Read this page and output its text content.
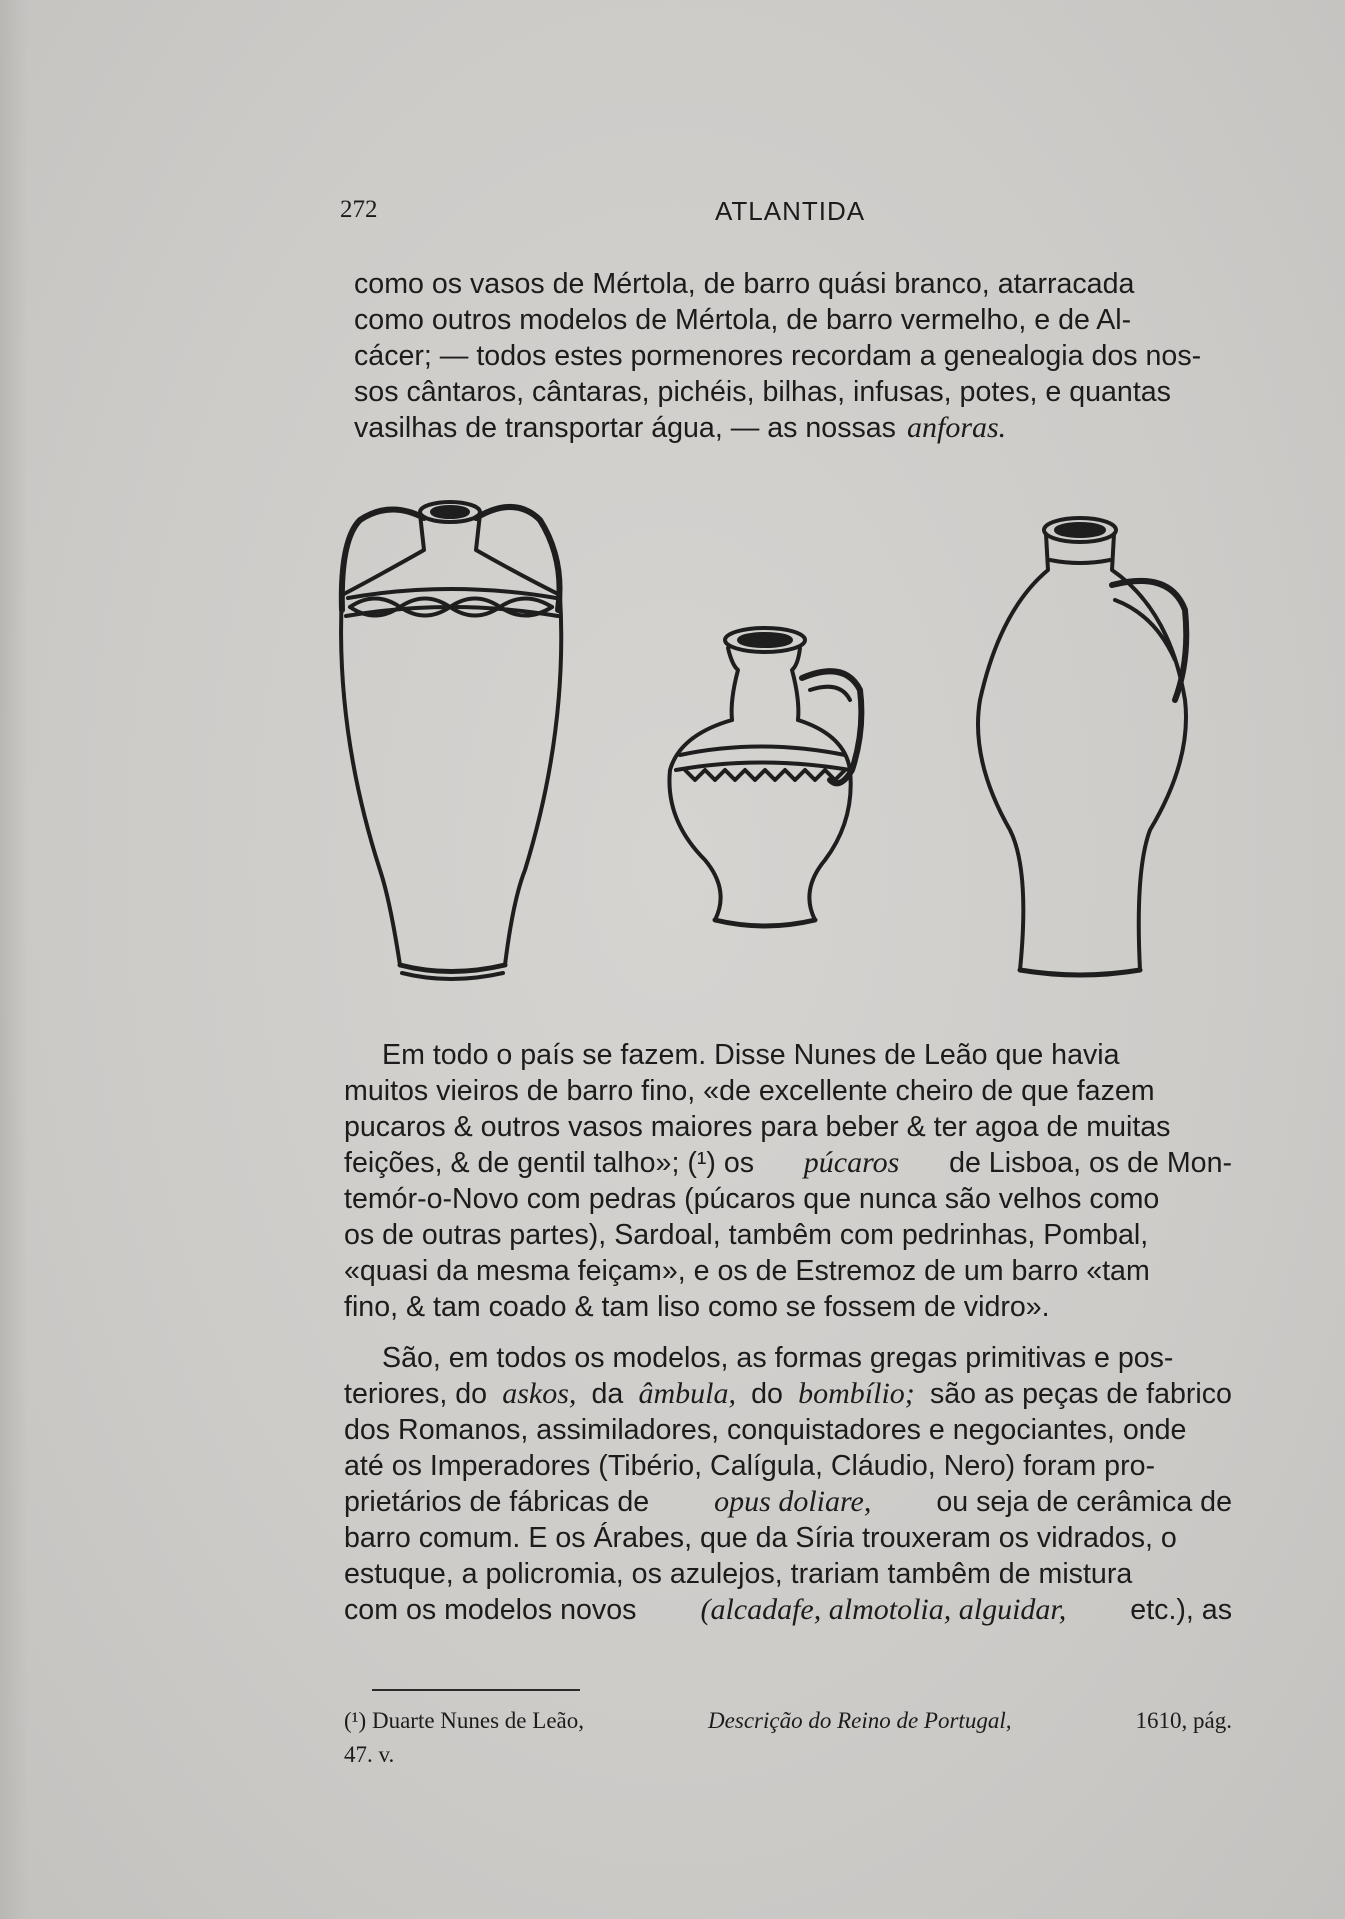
272	ATLANTIDA
como os vasos de Mértola, de barro quási branco, atarracada
como outros modelos de Mértola, de barro vermelho, e de Al-
cácer; — todos estes pormenores recordam a genealogia dos nos-
sos cântaros, cântaras, pichéis, bilhas, infusas, potes, e quantas
vasilhas de transportar água, — as nossas anforas.
Em todo o país se fazem. Disse Nunes de Leão que havia
muitos vieiros de barro fino, «de excellente cheiro de que fazem
pucaros & outros vasos maiores para beber & ter agoa de muitas
feições, & de gentil talho»; (¹) os púcaros de Lisboa, os de Mon-
temór-o-Novo com pedras (púcaros que nunca são velhos como
os de outras partes), Sardoal, tambêm com pedrinhas, Pombal,
«quasi da mesma feiçam», e os de Estremoz de um barro «tam
fino, & tam coado & tam liso como se fossem de vidro».
São, em todos os modelos, as formas gregas primitivas e pos-
teriores, do askos, da âmbula, do bombílio; são as peças de fabrico
dos Romanos, assimiladores, conquistadores e negociantes, onde
até os Imperadores (Tibério, Calígula, Cláudio, Nero) foram pro-
prietários de fábricas de opus doliare, ou seja de cerâmica de
barro comum. E os Árabes, que da Síria trouxeram os vidrados, o
estuque, a policromia, os azulejos, trariam tambêm de mistura
com os modelos novos (alcadafe, almotolia, alguidar, etc.), as
(¹) Duarte Nunes de Leão,	Descrição do Reino de Portugal,	1610, pág.
47. v.
